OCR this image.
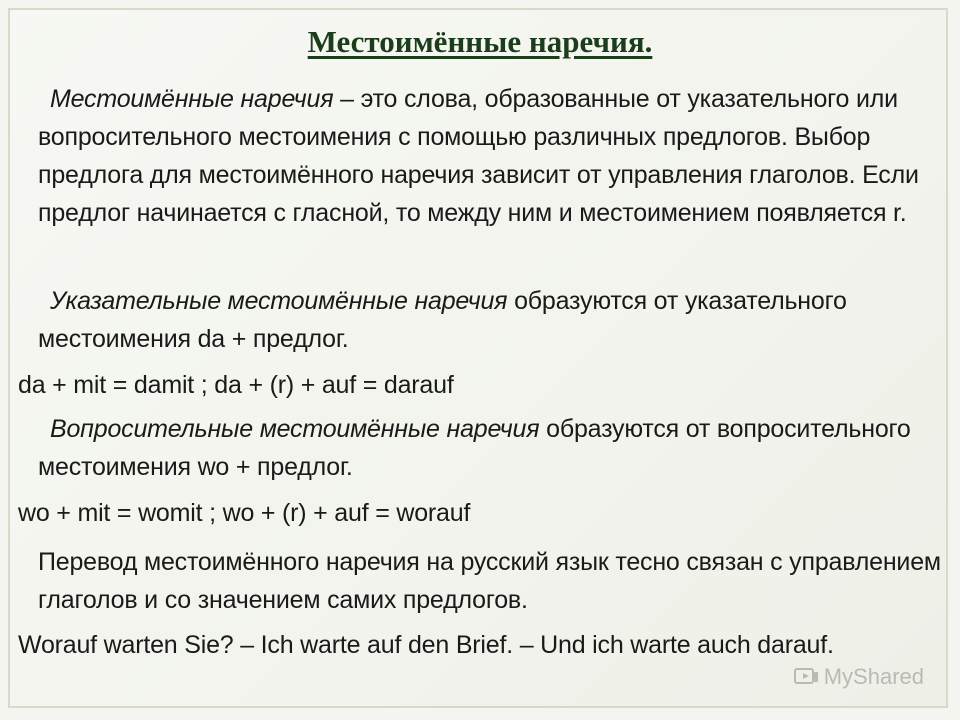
Местоимённые наречия.

Местоимённые наречия – это слова, образованные от указательного или вопросительного местоимения с помощью различных предлогов. Выбор предлога для местоимённого наречия зависит от управления глаголов. Если предлог начинается с гласной, то между ним и местоимением появляется r.

Указательные местоимённые наречия образуются от указательного местоимения da + предлог.

da + mit = damit ; da + (r) + auf = darauf

Вопросительные местоимённые наречия образуются от вопросительного местоимения wo + предлог.

wo + mit = womit ; wo + (r) + auf = worauf

Перевод местоимённого наречия на русский язык тесно связан с управлением глаголов и со значением самих предлогов.

Worauf warten Sie? – Ich warte auf den Brief. – Und ich warte auch darauf.

MyShared
